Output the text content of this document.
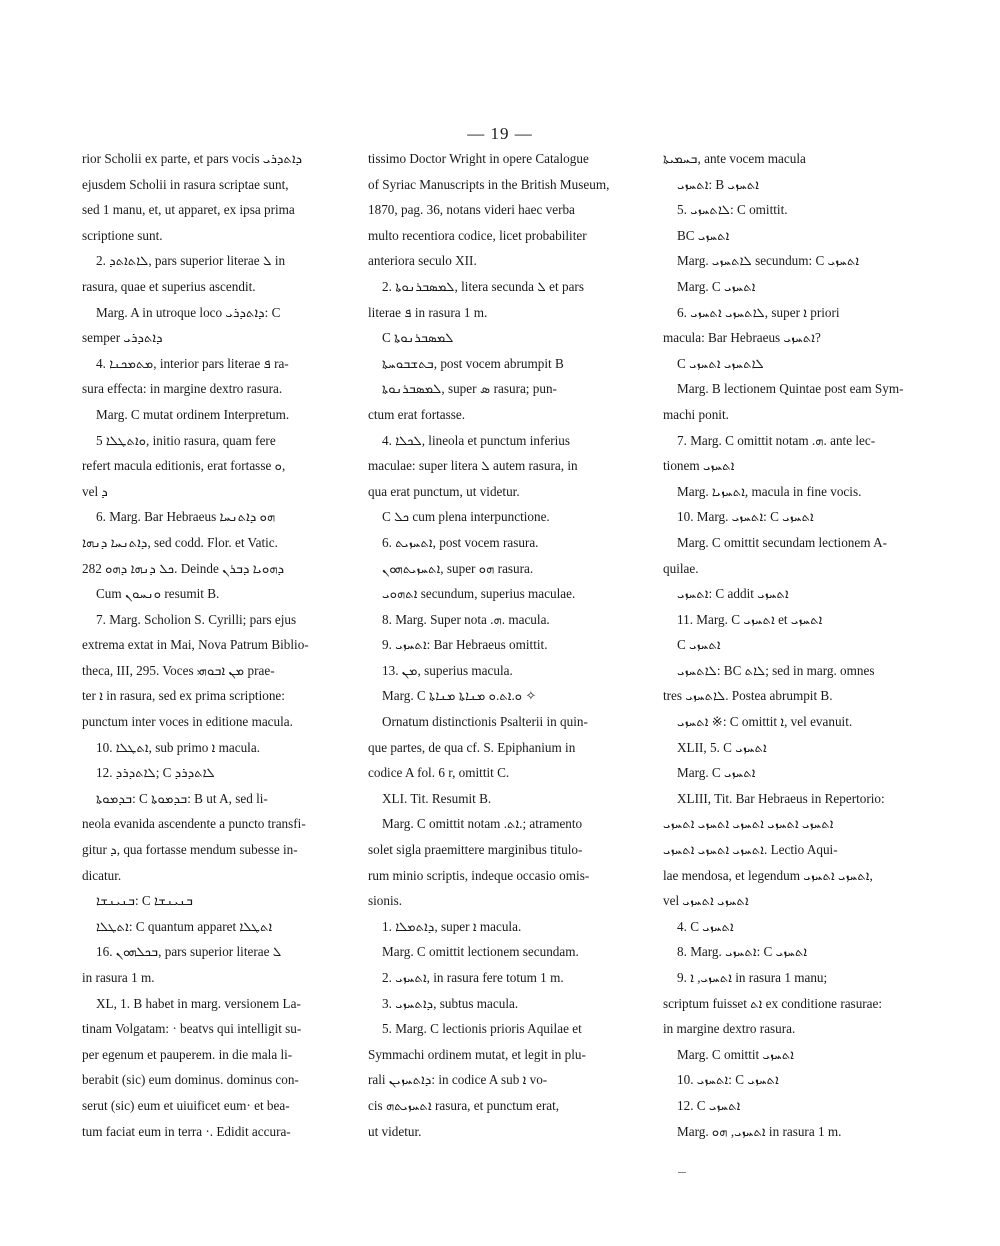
— 19 —

rior Scholii ex parte, et pars vocis ܕܐܬܕܪܝ
ejusdem Scholii in rasura scriptae sunt,
sed 1 manu, et, ut apparet, ex ipsa prima
scriptione sunt.

2. ܠܐܬܐܬܕ, pars superior literae ܠ in
rasura, quae et superius ascendit.

Marg. A in utroque loco ܕܐܬܕܪܝ: C
semper ܕܐܬܕܪܝ

4. ܡܬܡܟܢܐ, interior pars literae ܦ ra-
sura effecta: in margine dextro rasura.

Marg. C mutat ordinem Interpretum.

5 ܘܐܬܛܠܐ, initio rasura, quam fere
refert macula editionis, erat fortasse ܘ,
vel ܕ

6. Marg. Bar Hebraeus ܗܘ ܕܐܬܢܚܐ
ܕܐܬܢܚܐ ܕܢܗܐ, sed codd. Flor. et Vatic.
282 ܟܠ ܕܢܗܐ ܕܗܘ. Deinde ܕܗܘܝܐ ܕܒܪܢ

Cum ܘܢܚܘܢ resumit B.

7. Marg. Scholion S. Cyrilli; pars ejus
extrema extat in Mai, Nova Patrum Biblio-
theca, III, 295. Voces ܡܢ ܐܒܘܗܝ prae-
ter ܐ in rasura, sed ex prima scriptione:
punctum inter voces in editione macula.

10. ܐܬܛܠܐ, sub primo ܐ macula.

12. ܠܐܬܕܪܕ; C ܠܐܬܕܪܕ

ܒܕܡܘܬܐ: C ܒܕܡܘܬܐ: B ut A, sed li-
neola evanida ascendente a puncto transfi-
gitur ܕ, qua fortasse mendum subesse in-
dicatur.

ܒܢܝܢܫܐ: C ܒܢܝܢܫܐ

ܐܬܛܠܐ: C quantum apparet ܐܬܛܠܐ

16. ܒܟܠܗܘܢ, pars superior literae ܠ
in rasura 1 m.

XL, 1. B habet in marg. versionem La-
tinam Volgatam: · beatvs qui intelligit su-
per egenum et pauperem. in die mala li-
berabit (sic) eum dominus. dominus con-
serut (sic) eum et uiuificet eum· et bea-
tum faciat eum in terra ·. Edidit accura-

tissimo Doctor Wright in opere Catalogue
of Syriac Manuscripts in the British Museum,
1870, pag. 36, notans videri haec verba
multo recentiora codice, licet probabiliter
anteriora seculo XII.

2. ܠܡܣܒܪܢܘܬܐ, litera secunda ܠ et pars
literae ܦ in rasura 1 m.

C ܠܡܣܒܪܢܘܬܐ

ܒܬܫܒܘܚܬܐ, post vocem abrumpit B

ܠܡܣܒܪܢܘܬܐ, super ܣ rasura; pun-
ctum erat fortasse.

4. ܠܟܠܐ, lineola et punctum inferius
maculae: super litera ܠ autem rasura, in
qua erat punctum, ut videtur.

C ܟܠ cum plena interpunctione.

6. ܐܬܚܙܝܬ, post vocem rasura.

ܐܬܚܙܝܬܗܘܢ, super ܗܘ rasura.

ܐܬܗܘܝ secundum, superius maculae.

8. Marg. Super nota .ܗ. macula.

9. ܐܬܚܙܝ: Bar Hebraeus omittit.

13. ܡܢ, superius macula.

Marg. C ܘ.ܐܬ.ܘ ܡܢܐܬܐ ܡܢܐܬܐ ✧

Ornatum distinctionis Psalterii in quin-
que partes, de qua cf. S. Epiphanium in
codice A fol. 6 r, omittit C.

XLI. Tit. Resumit B.

Marg. C omittit notam .ܐܬ.; atramento
solet sigla praemittere marginibus titulo-
rum minio scriptis, indeque occasio omis-
sionis.

1. ܕܐܬܡܠܐ, super ܐ macula.

Marg. C omittit lectionem secundam.

2. ܐܬܚܙܝ, in rasura fere totum 1 m.

3. ܕܐܬܚܙܝ, subtus macula.

5. Marg. C lectionis prioris Aquilae et
Symmachi ordinem mutat, et legit in plu-
rali ܕܐܬܚܙܝܢ: in codice A sub ܐ vo-
cis ܐܬܚܙܝܬܗ rasura, et punctum erat,
ut videtur.

ܒܚܡܝܬܐ, ante vocem macula

ܐܬܚܙܝ: B ܐܬܚܙܝ

5. ܠܐܬܚܙܝ: C omittit.

BC ܐܬܚܙܝ

Marg. ܠܐܬܚܙܝ secundum: C ܐܬܚܙܝ

Marg. C ܐܬܚܙܝ

6. ܠܐܬܚܙܝ ܐܬܚܙܝ, super ܐ priori
macula: Bar Hebraeus ܐܬܚܙܝ?

C ܠܐܬܚܙܝ ܐܬܚܙܝ

Marg. B lectionem Quintae post eam Sym-
machi ponit.

7. Marg. C omittit notam .ܗ. ante lec-
tionem ܐܬܚܙܝ

Marg. ܐܬܚܙܝܐ, macula in fine vocis.

10. Marg. ܐܬܚܙܝ: C ܐܬܚܙܝ

Marg. C omittit secundam lectionem A-
quilae.

ܐܬܚܙܝ: C addit ܐܬܚܙܝ

11. Marg. C ܐܬܚܙܝ et ܐܬܚܙܝ

C ܐܬܚܙܝ

ܠܐܬܚܙܝ: BC ܠܐܬ; sed in marg. omnes
tres ܠܐܬܚܙܝ. Postea abrumpit B.

ܐܬܚܙܝ ※: C omittit ܐ, vel evanuit.

XLII, 5. C ܐܬܚܙܝ

Marg. C ܐܬܚܙܝ

XLIII, Tit. Bar Hebraeus in Repertorio:
ܐܬܚܙܝ ܐܬܚܙܝ ܐܬܚܙܝ ܐܬܚܙܝ ܐܬܚܙܝ
ܐܬܚܙܝ ܐܬܚܙܝ ܐܬܚܙܝ. Lectio Aqui-
lae mendosa, et legendum ܐܬܚܙܝ ܐܬܚܙܝ,
vel ܐܬܚܙܝ ܐܬܚܙܝ

4. C ܐܬܚܙܝ

8. Marg. ܐܬܚܙܝ: C ܐܬܚܙܝ

9. ܐܬܚܙܝ, ܐ in rasura 1 manu;
scriptum fuisset ܐܬ ex conditione rasurae:
in margine dextro rasura.

Marg. C omittit ܐܬܚܙܝ

10. ܐܬܚܙܝ: C ܐܬܚܙܝ

12. C ܐܬܚܙܝ

Marg. ܐܬܚܙܝ, ܗܘ in rasura 1 m.
